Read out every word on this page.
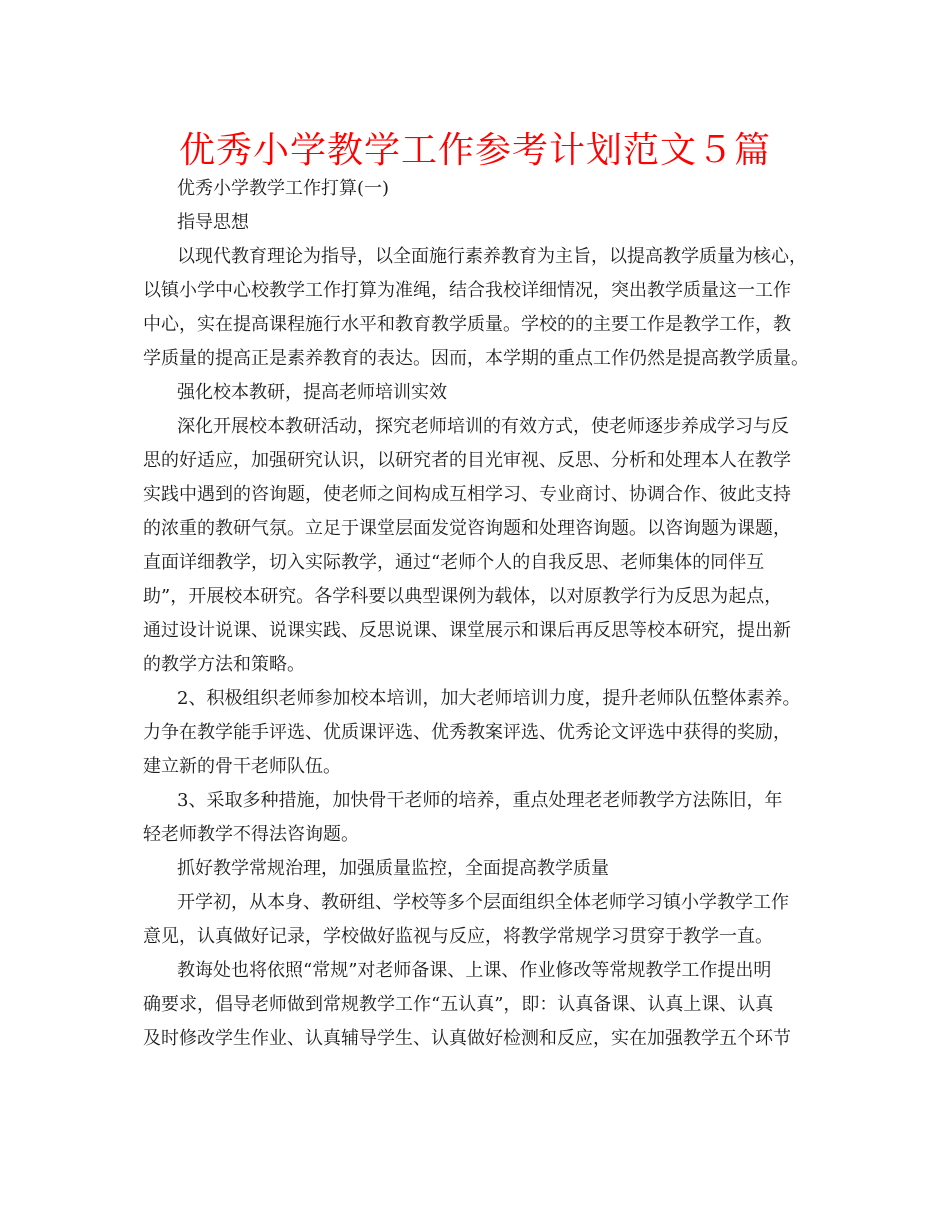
优秀小学教学工作参考计划范文５篇
优秀小学教学工作打算(一)
指导思想
以现代教育理论为指导，以全面施行素养教育为主旨，以提高教学质量为核心，
以镇小学中心校教学工作打算为准绳，结合我校详细情况，突出教学质量这一工作
中心，实在提高课程施行水平和教育教学质量。学校的的主要工作是教学工作，教
学质量的提高正是素养教育的表达。因而，本学期的重点工作仍然是提高教学质量。
强化校本教研，提高老师培训实效
深化开展校本教研活动，探究老师培训的有效方式，使老师逐步养成学习与反
思的好适应，加强研究认识，以研究者的目光审视、反思、分析和处理本人在教学
实践中遇到的咨询题，使老师之间构成互相学习、专业商讨、协调合作、彼此支持
的浓重的教研气氛。立足于课堂层面发觉咨询题和处理咨询题。以咨询题为课题，
直面详细教学，切入实际教学，通过“老师个人的自我反思、老师集体的同伴互
助”，开展校本研究。各学科要以典型课例为载体，以对原教学行为反思为起点，
通过设计说课、说课实践、反思说课、课堂展示和课后再反思等校本研究，提出新
的教学方法和策略。
2、积极组织老师参加校本培训，加大老师培训力度，提升老师队伍整体素养。
力争在教学能手评选、优质课评选、优秀教案评选、优秀论文评选中获得的奖励，
建立新的骨干老师队伍。
3、采取多种措施，加快骨干老师的培养，重点处理老老师教学方法陈旧，年
轻老师教学不得法咨询题。
抓好教学常规治理，加强质量监控，全面提高教学质量
开学初，从本身、教研组、学校等多个层面组织全体老师学习镇小学教学工作
意见，认真做好记录，学校做好监视与反应，将教学常规学习贯穿于教学一直。
教诲处也将依照“常规”对老师备课、上课、作业修改等常规教学工作提出明
确要求，倡导老师做到常规教学工作“五认真”，即：认真备课、认真上课、认真
及时修改学生作业、认真辅导学生、认真做好检测和反应，实在加强教学五个环节
